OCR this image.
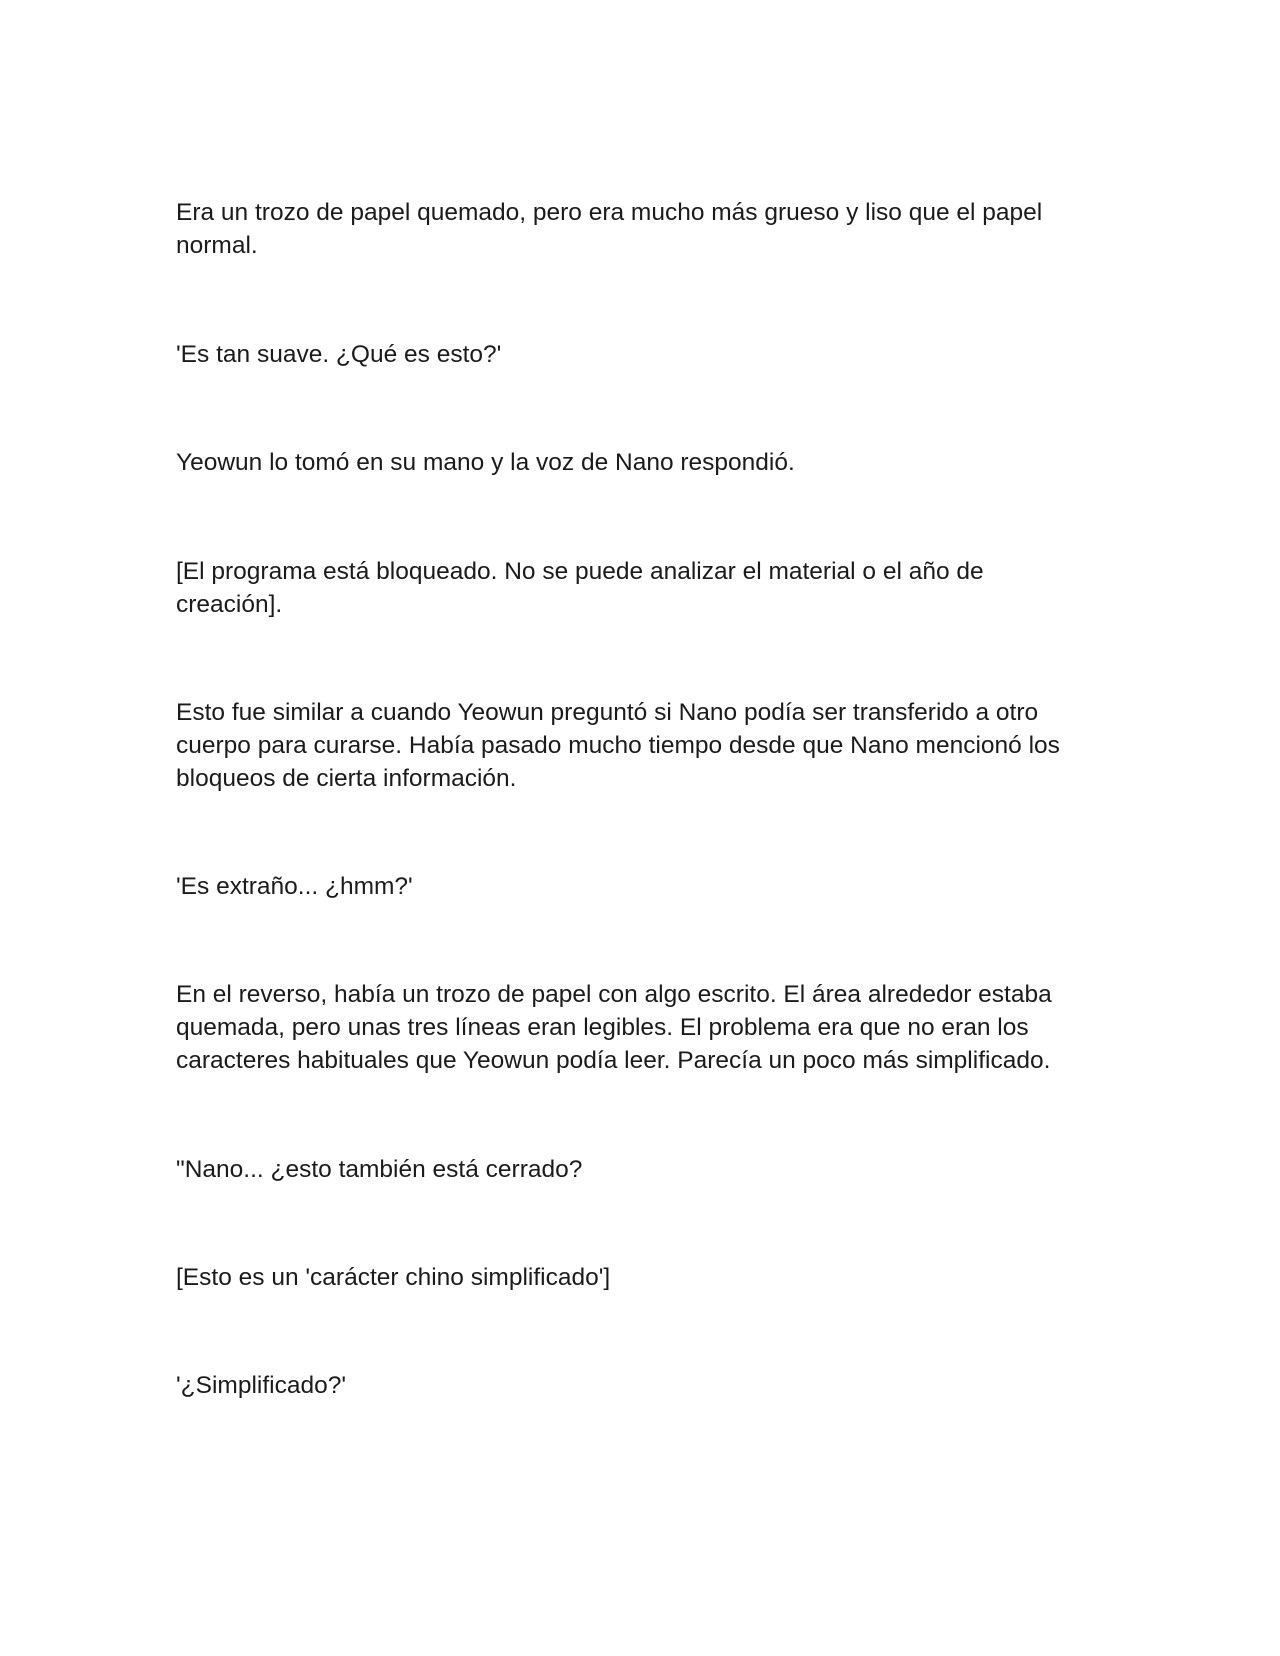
Era un trozo de papel quemado, pero era mucho más grueso y liso que el papel normal.

'Es tan suave. ¿Qué es esto?'

Yeowun lo tomó en su mano y la voz de Nano respondió.

[El programa está bloqueado. No se puede analizar el material o el año de creación].

Esto fue similar a cuando Yeowun preguntó si Nano podía ser transferido a otro cuerpo para curarse. Había pasado mucho tiempo desde que Nano mencionó los bloqueos de cierta información.

'Es extraño... ¿hmm?'

En el reverso, había un trozo de papel con algo escrito. El área alrededor estaba quemada, pero unas tres líneas eran legibles. El problema era que no eran los caracteres habituales que Yeowun podía leer. Parecía un poco más simplificado.

"Nano... ¿esto también está cerrado?

[Esto es un 'carácter chino simplificado']

'¿Simplificado?'
